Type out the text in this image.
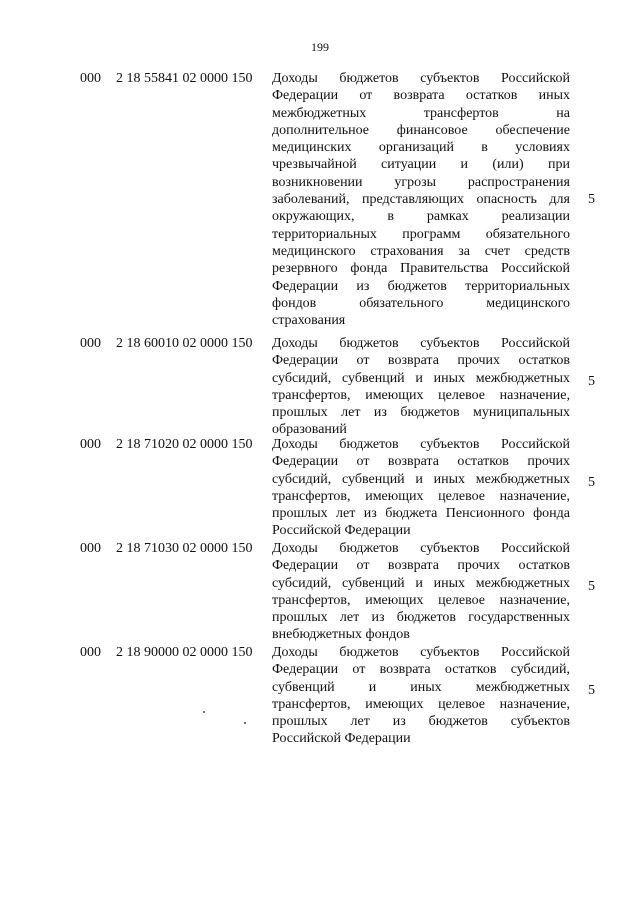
199
000 2 18 55841 02 0000 150	Доходы бюджетов субъектов Российской
Федерации от возврата остатков иных
межбюджетных трансфертов на
дополнительное финансовое обеспечение
медицинских организаций в условиях
чрезвычайной ситуации и (или) при
возникновении угрозы распространения
заболеваний, представляющих опасность для
окружающих, в рамках реализации
территориальных программ обязательного
медицинского страхования за счет средств
резервного фонда Правительства Российской
Федерации из бюджетов территориальных
фондов обязательного медицинского
страхования
5
000 2 18 60010 02 0000 150	Доходы бюджетов субъектов Российской
Федерации от возврата прочих остатков
субсидий, субвенций и иных межбюджетных
трансфертов, имеющих целевое назначение,
прошлых лет из бюджетов муниципальных
образований
5
000 2 18 71020 02 0000 150	Доходы бюджетов субъектов Российской
Федерации от возврата остатков прочих
субсидий, субвенций и иных межбюджетных
трансфертов, имеющих целевое назначение,
прошлых лет из бюджета Пенсионного фонда
Российской Федерации
5
000 2 18 71030 02 0000 150	Доходы бюджетов субъектов Российской
Федерации от возврата прочих остатков
субсидий, субвенций и иных межбюджетных
трансфертов, имеющих целевое назначение,
прошлых лет из бюджетов государственных
внебюджетных фондов
5
000 2 18 90000 02 0000 150	Доходы бюджетов субъектов Российской
Федерации от возврата остатков субсидий,
субвенций и иных межбюджетных
трансфертов, имеющих целевое назначение,
прошлых лет из бюджетов субъектов
Российской Федерации
5
